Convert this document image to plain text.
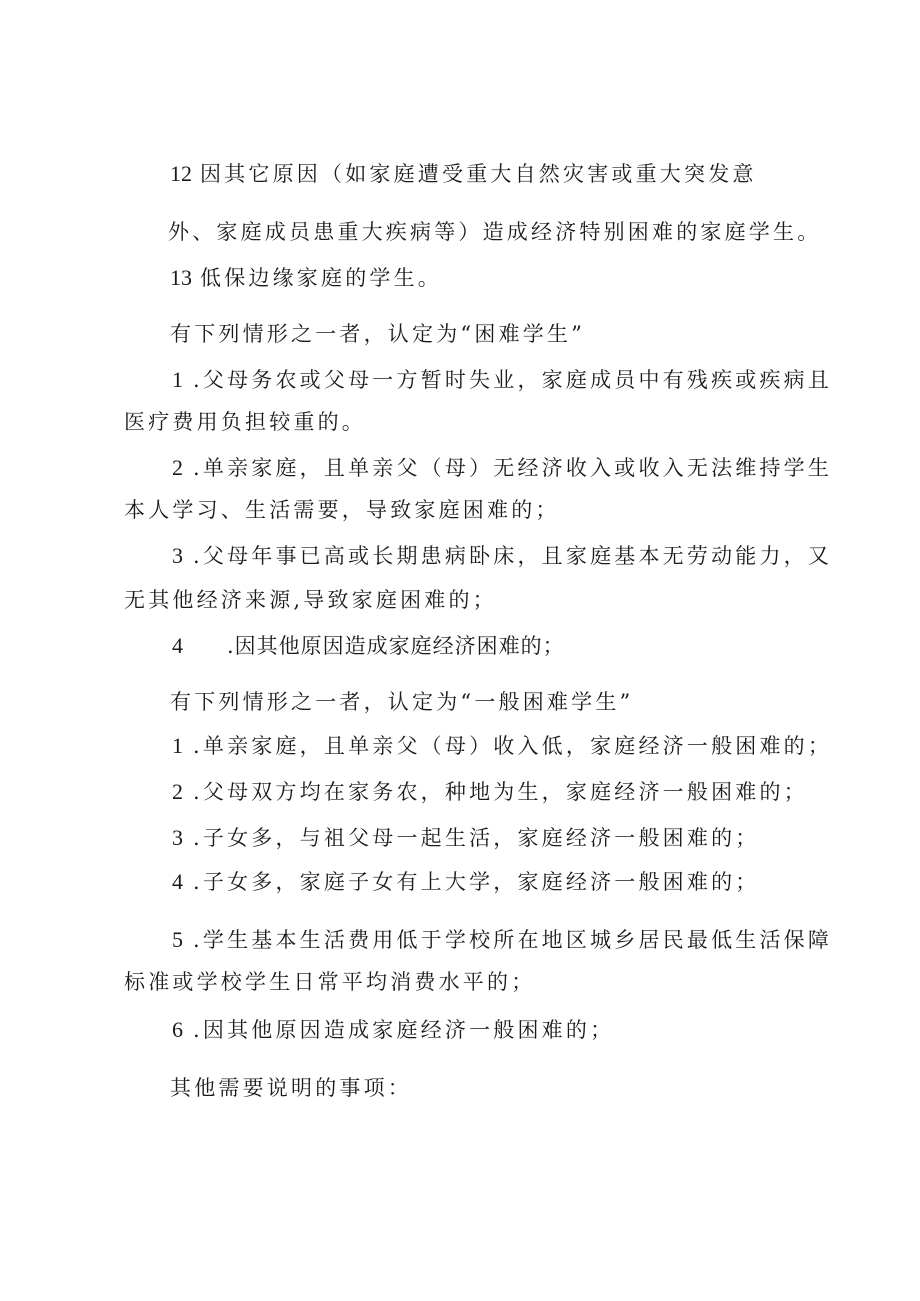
12 因其它原因（如家庭遭受重大自然灾害或重大突发意
外、家庭成员患重大疾病等）造成经济特别困难的家庭学生。
13 低保边缘家庭的学生。
有下列情形之一者，认定为“困难学生”
1 .父母务农或父母一方暂时失业，家庭成员中有残疾或疾病且
医疗费用负担较重的。
2 .单亲家庭，且单亲父（母）无经济收入或收入无法维持学生
本人学习、生活需要，导致家庭困难的；
3 .父母年事已高或长期患病卧床，且家庭基本无劳动能力，又
无其他经济来源,导致家庭困难的；
4 .因其他原因造成家庭经济困难的；
有下列情形之一者，认定为“一般困难学生”
1 .单亲家庭，且单亲父（母）收入低，家庭经济一般困难的；
2 .父母双方均在家务农，种地为生，家庭经济一般困难的；
3 .子女多，与祖父母一起生活，家庭经济一般困难的；
4 .子女多，家庭子女有上大学，家庭经济一般困难的；
5 .学生基本生活费用低于学校所在地区城乡居民最低生活保障
标准或学校学生日常平均消费水平的；
6 .因其他原因造成家庭经济一般困难的；
其他需要说明的事项：
